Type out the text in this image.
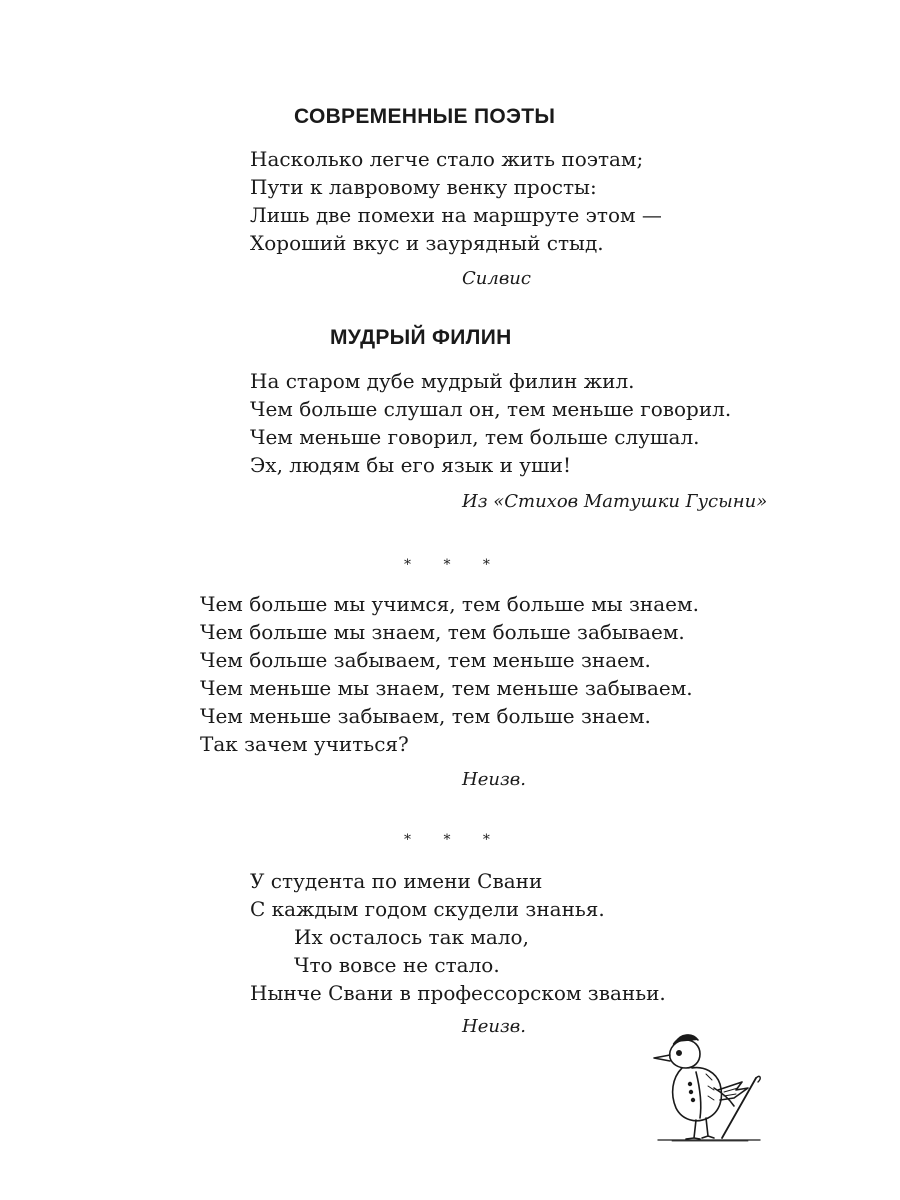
СОВРЕМЕННЫЕ ПОЭТЫ
Насколько легче стало жить поэтам;
Пути к лавровому венку просты:
Лишь две помехи на маршруте этом —
Хороший вкус и заурядный стыд.
Силвис
МУДРЫЙ ФИЛИН
На старом дубе мудрый филин жил.
Чем больше слушал он, тем меньше говорил.
Чем меньше говорил, тем больше слушал.
Эх, людям бы его язык и уши!
Из «Стихов Матушки Гусыни»
* * *
Чем больше мы учимся, тем больше мы знаем.
Чем больше мы знаем, тем больше забываем.
Чем больше забываем, тем меньше знаем.
Чем меньше мы знаем, тем меньше забываем.
Чем меньше забываем, тем больше знаем.
Так зачем учиться?
Неизв.
* * *
У студента по имени Свани
С каждым годом скудели знанья.
Их осталось так мало,
Что вовсе не стало.
Нынче Свани в профессорском званьи.
Неизв.
